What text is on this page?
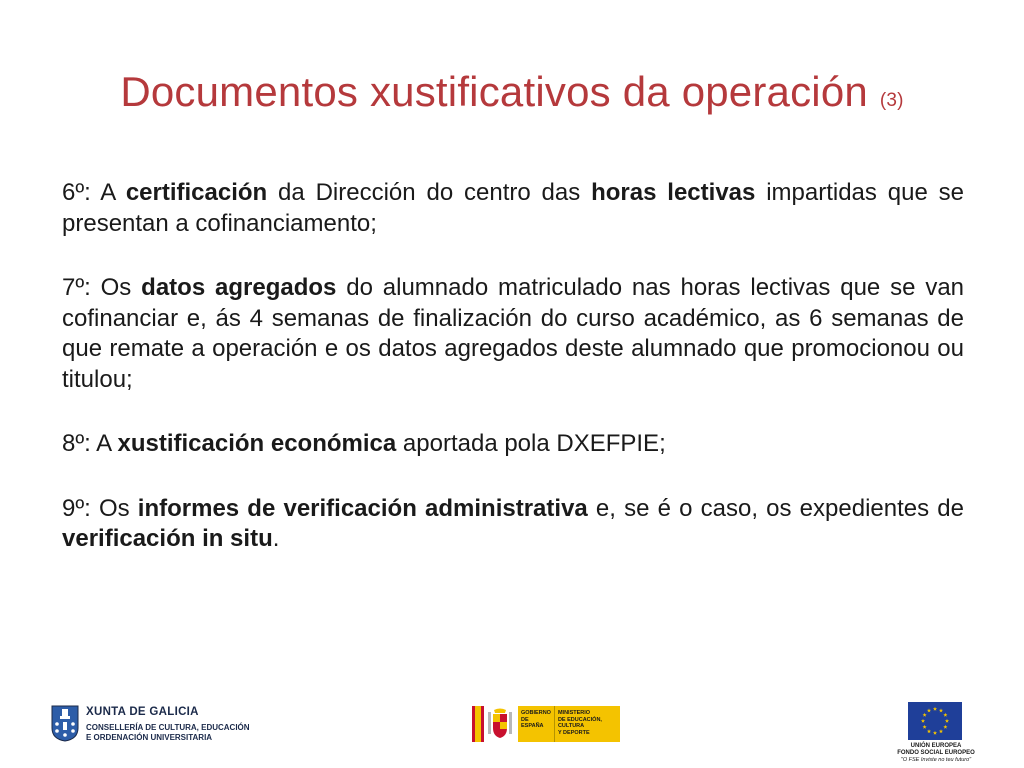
Documentos xustificativos da operación (3)

6º: A certificación da Dirección do centro das horas lectivas impartidas que se presentan a cofinanciamento;

7º: Os datos agregados do alumnado matriculado nas horas lectivas que se van cofinanciar e, ás 4 semanas de finalización do curso académico, as 6 semanas de que remate a operación e os datos agregados deste alumnado que promocionou ou titulou;

8º: A xustificación económica aportada pola DXEFPIE;

9º: Os informes de verificación administrativa e, se é o caso, os expedientes de verificación in situ.

XUNTA DE GALICIA
CONSELLERÍA DE CULTURA, EDUCACIÓN
E ORDENACIÓN UNIVERSITARIA
GOBIERNO
DE ESPAÑA
MINISTERIO
DE EDUCACIÓN, CULTURA
Y DEPORTE
UNIÓN EUROPEA
FONDO SOCIAL EUROPEO
"O FSE Inviste no teu futuro"
